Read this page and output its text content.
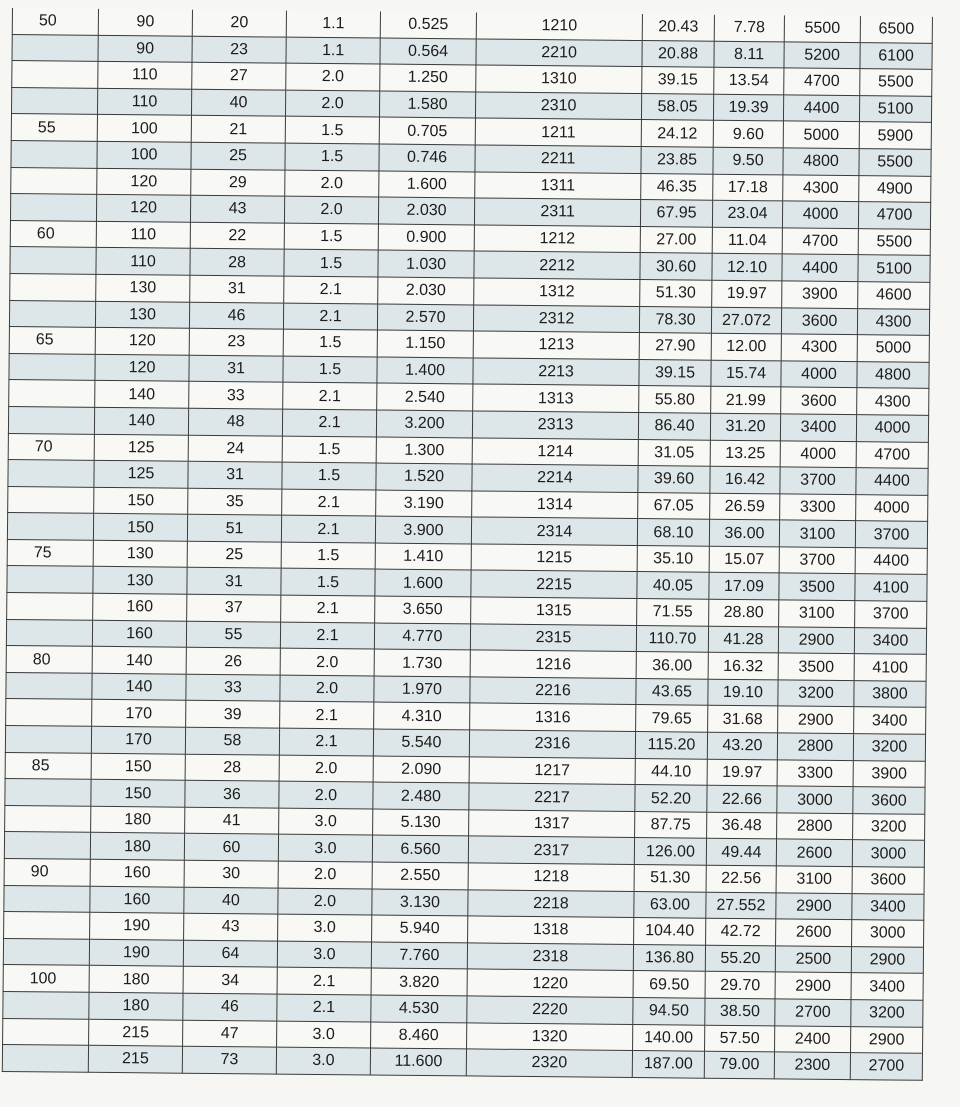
50	90	20	1.1	0.525	1210	20.43	7.78	5500	6500
	90	23	1.1	0.564	2210	20.88	8.11	5200	6100
	110	27	2.0	1.250	1310	39.15	13.54	4700	5500
	110	40	2.0	1.580	2310	58.05	19.39	4400	5100
55	100	21	1.5	0.705	1211	24.12	9.60	5000	5900
	100	25	1.5	0.746	2211	23.85	9.50	4800	5500
	120	29	2.0	1.600	1311	46.35	17.18	4300	4900
	120	43	2.0	2.030	2311	67.95	23.04	4000	4700
60	110	22	1.5	0.900	1212	27.00	11.04	4700	5500
	110	28	1.5	1.030	2212	30.60	12.10	4400	5100
	130	31	2.1	2.030	1312	51.30	19.97	3900	4600
	130	46	2.1	2.570	2312	78.30	27.072	3600	4300
65	120	23	1.5	1.150	1213	27.90	12.00	4300	5000
	120	31	1.5	1.400	2213	39.15	15.74	4000	4800
	140	33	2.1	2.540	1313	55.80	21.99	3600	4300
	140	48	2.1	3.200	2313	86.40	31.20	3400	4000
70	125	24	1.5	1.300	1214	31.05	13.25	4000	4700
	125	31	1.5	1.520	2214	39.60	16.42	3700	4400
	150	35	2.1	3.190	1314	67.05	26.59	3300	4000
	150	51	2.1	3.900	2314	68.10	36.00	3100	3700
75	130	25	1.5	1.410	1215	35.10	15.07	3700	4400
	130	31	1.5	1.600	2215	40.05	17.09	3500	4100
	160	37	2.1	3.650	1315	71.55	28.80	3100	3700
	160	55	2.1	4.770	2315	110.70	41.28	2900	3400
80	140	26	2.0	1.730	1216	36.00	16.32	3500	4100
	140	33	2.0	1.970	2216	43.65	19.10	3200	3800
	170	39	2.1	4.310	1316	79.65	31.68	2900	3400
	170	58	2.1	5.540	2316	115.20	43.20	2800	3200
85	150	28	2.0	2.090	1217	44.10	19.97	3300	3900
	150	36	2.0	2.480	2217	52.20	22.66	3000	3600
	180	41	3.0	5.130	1317	87.75	36.48	2800	3200
	180	60	3.0	6.560	2317	126.00	49.44	2600	3000
90	160	30	2.0	2.550	1218	51.30	22.56	3100	3600
	160	40	2.0	3.130	2218	63.00	27.552	2900	3400
	190	43	3.0	5.940	1318	104.40	42.72	2600	3000
	190	64	3.0	7.760	2318	136.80	55.20	2500	2900
100	180	34	2.1	3.820	1220	69.50	29.70	2900	3400
	180	46	2.1	4.530	2220	94.50	38.50	2700	3200
	215	47	3.0	8.460	1320	140.00	57.50	2400	2900
	215	73	3.0	11.600	2320	187.00	79.00	2300	2700
